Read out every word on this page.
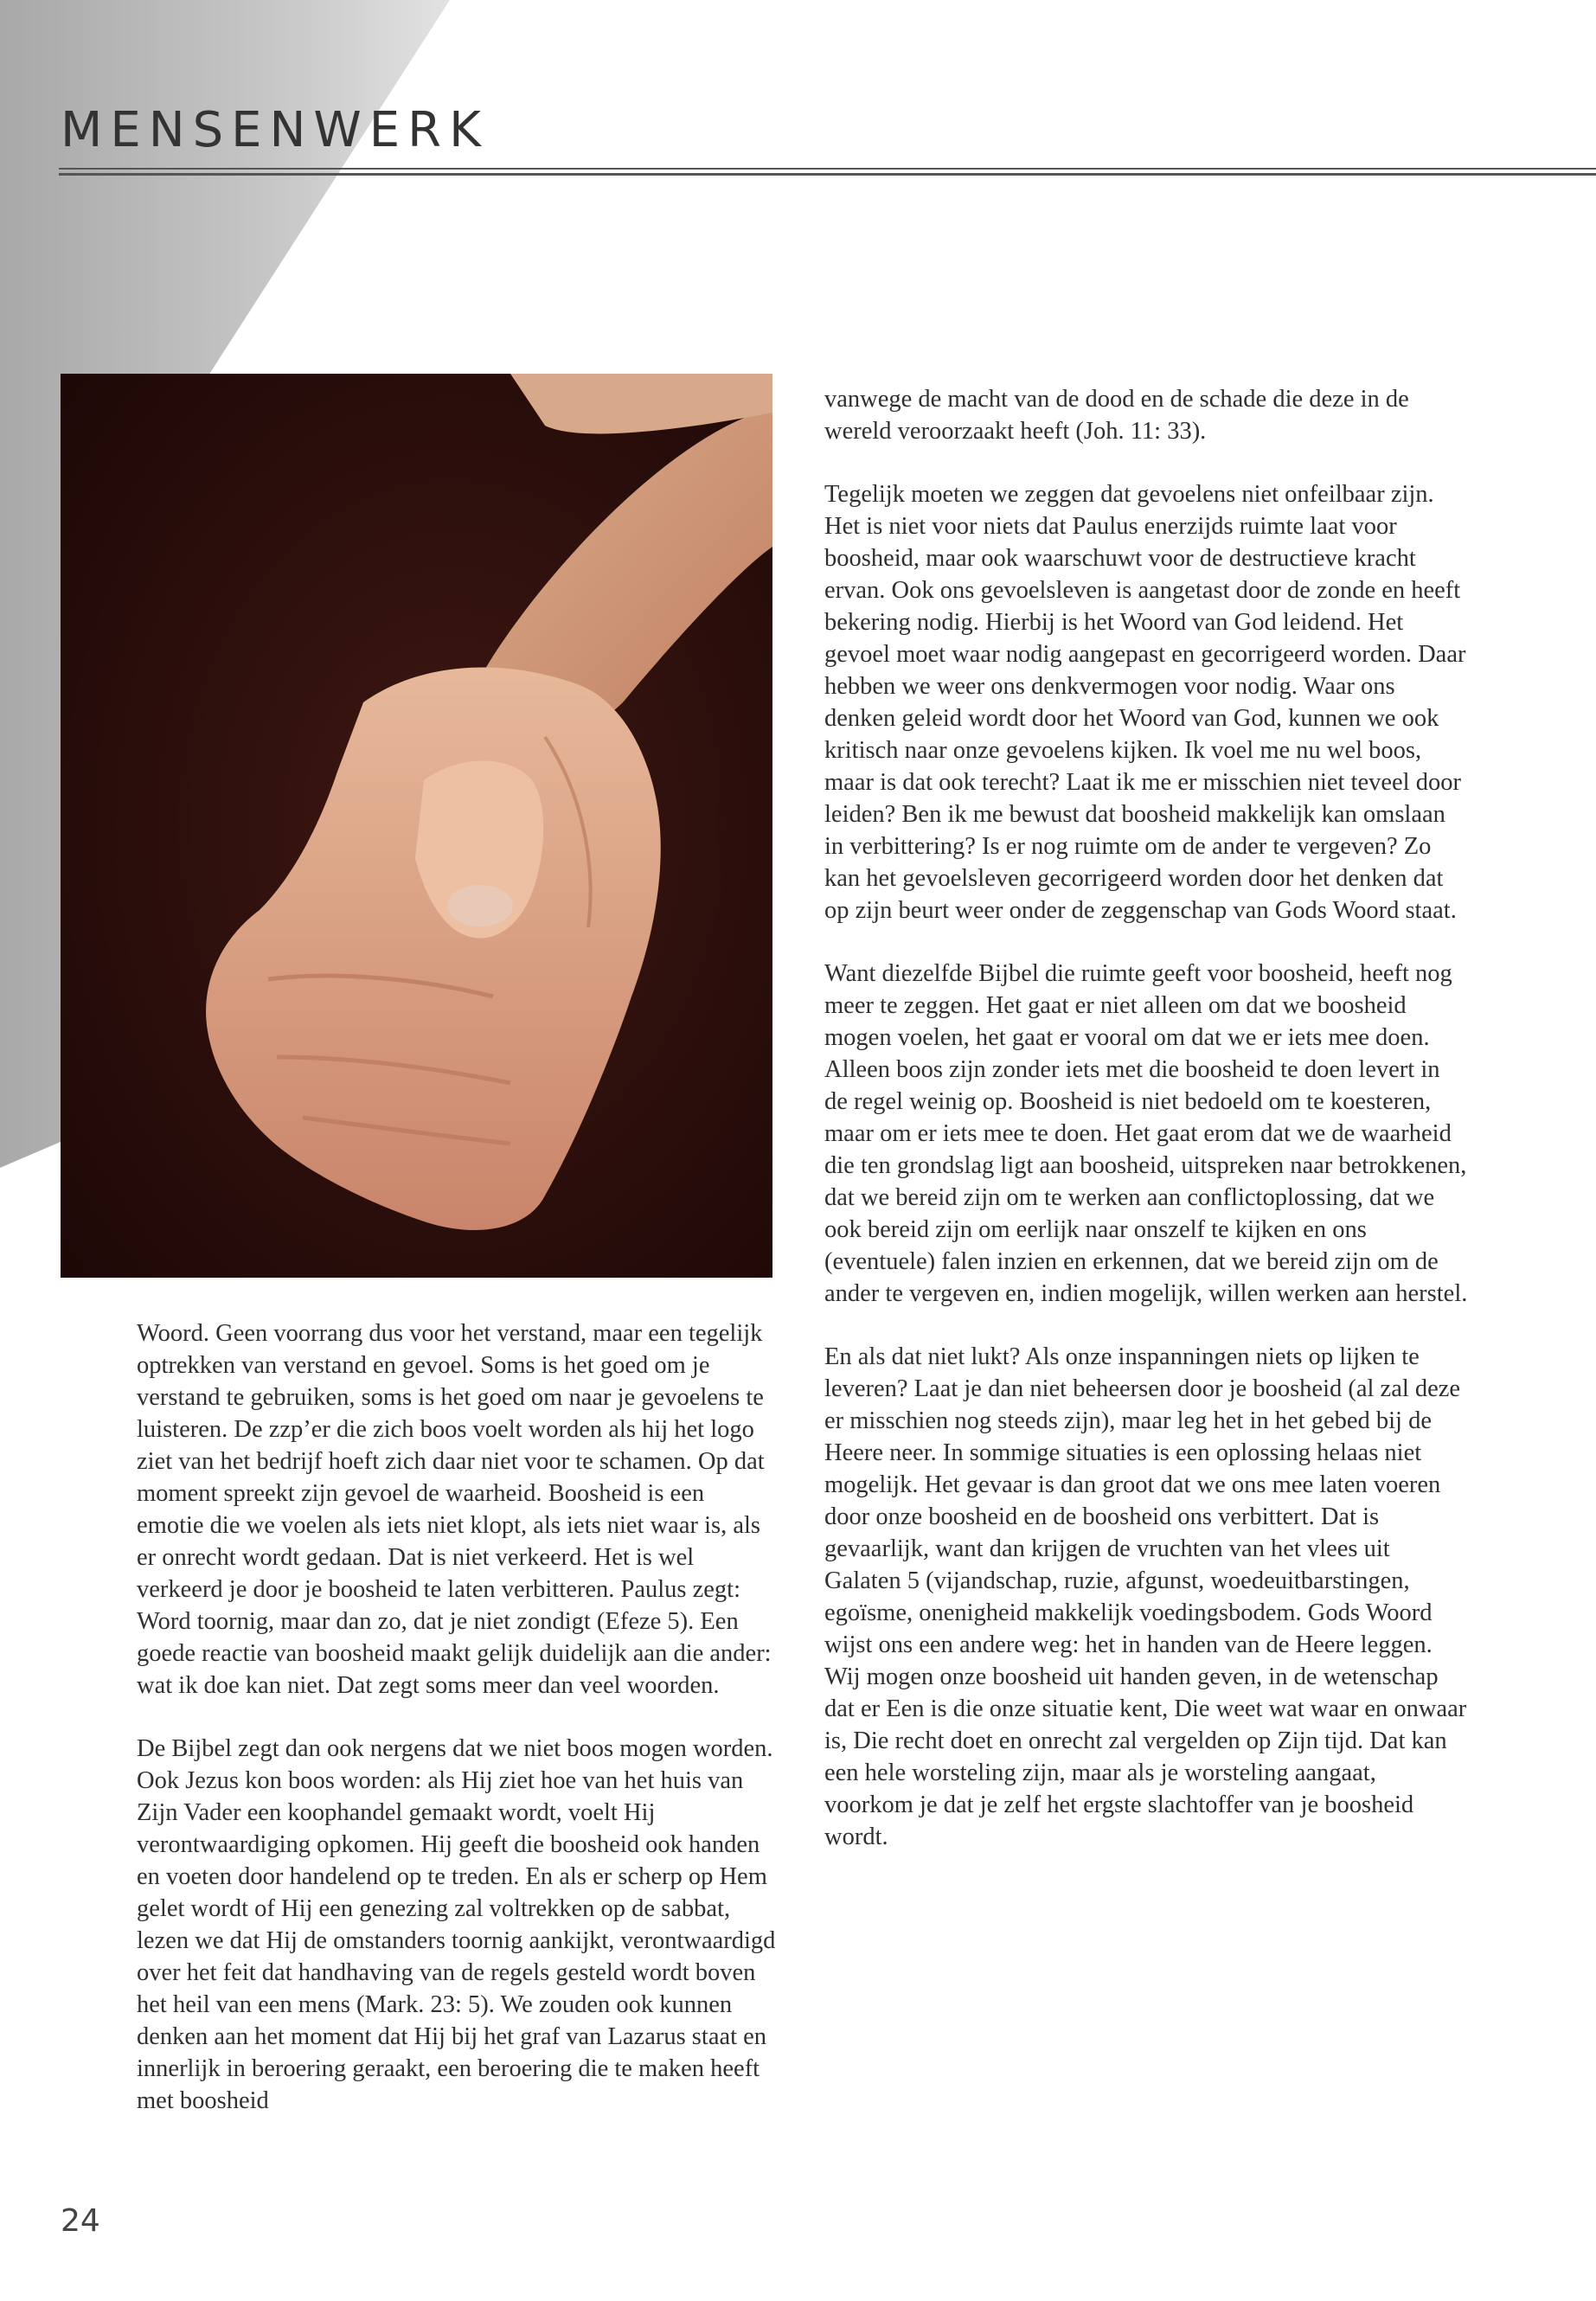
MENSENWERK

vanwege de macht van de dood en de schade die deze in de wereld veroorzaakt heeft (Joh. 11: 33).

Tegelijk moeten we zeggen dat gevoelens niet onfeilbaar zijn. Het is niet voor niets dat Paulus enerzijds ruimte laat voor boosheid, maar ook waarschuwt voor de destructieve kracht ervan. Ook ons gevoelsleven is aangetast door de zonde en heeft bekering nodig. Hierbij is het Woord van God leidend. Het gevoel moet waar nodig aangepast en gecorrigeerd worden. Daar hebben we weer ons denkvermogen voor nodig. Waar ons denken geleid wordt door het Woord van God, kunnen we ook kritisch naar onze gevoelens kijken. Ik voel me nu wel boos, maar is dat ook terecht? Laat ik me er misschien niet teveel door leiden? Ben ik me bewust dat boosheid makkelijk kan omslaan in verbittering? Is er nog ruimte om de ander te vergeven? Zo kan het gevoelsleven gecorrigeerd worden door het denken dat op zijn beurt weer onder de zeggenschap van Gods Woord staat.

Want diezelfde Bijbel die ruimte geeft voor boosheid, heeft nog meer te zeggen. Het gaat er niet alleen om dat we boosheid mogen voelen, het gaat er vooral om dat we er iets mee doen. Alleen boos zijn zonder iets met die boosheid te doen levert in de regel weinig op. Boosheid is niet bedoeld om te koesteren, maar om er iets mee te doen. Het gaat erom dat we de waarheid die ten grondslag ligt aan boosheid, uitspreken naar betrokkenen, dat we bereid zijn om te werken aan conflictoplossing, dat we ook bereid zijn om eerlijk naar onszelf te kijken en ons (eventuele) falen inzien en erkennen, dat we bereid zijn om de ander te vergeven en, indien mogelijk, willen werken aan herstel.

En als dat niet lukt? Als onze inspanningen niets op lijken te leveren? Laat je dan niet beheersen door je boosheid (al zal deze er misschien nog steeds zijn), maar leg het in het gebed bij de Heere neer. In sommige situaties is een oplossing helaas niet mogelijk. Het gevaar is dan groot dat we ons mee laten voeren door onze boosheid en de boosheid ons verbittert. Dat is gevaarlijk, want dan krijgen de vruchten van het vlees uit Galaten 5 (vijandschap, ruzie, afgunst, woedeuitbarstingen, egoïsme, onenigheid makkelijk voedingsbodem. Gods Woord wijst ons een andere weg: het in handen van de Heere leggen. Wij mogen onze boosheid uit handen geven, in de wetenschap dat er Een is die onze situatie kent, Die weet wat waar en onwaar is, Die recht doet en onrecht zal vergelden op Zijn tijd. Dat kan een hele worsteling zijn, maar als je worsteling aangaat, voorkom je dat je zelf het ergste slachtoffer van je boosheid wordt.

Woord. Geen voorrang dus voor het verstand, maar een tegelijk optrekken van verstand en gevoel. Soms is het goed om je verstand te gebruiken, soms is het goed om naar je gevoelens te luisteren. De zzp’er die zich boos voelt worden als hij het logo ziet van het bedrijf hoeft zich daar niet voor te schamen. Op dat moment spreekt zijn gevoel de waarheid. Boosheid is een emotie die we voelen als iets niet klopt, als iets niet waar is, als er onrecht wordt gedaan. Dat is niet verkeerd. Het is wel verkeerd je door je boosheid te laten verbitteren. Paulus zegt: Word toornig, maar dan zo, dat je niet zondigt (Efeze 5). Een goede reactie van boosheid maakt gelijk duidelijk aan die ander: wat ik doe kan niet. Dat zegt soms meer dan veel woorden.

De Bijbel zegt dan ook nergens dat we niet boos mogen worden. Ook Jezus kon boos worden: als Hij ziet hoe van het huis van Zijn Vader een koophandel gemaakt wordt, voelt Hij verontwaardiging opkomen. Hij geeft die boosheid ook handen en voeten door handelend op te treden. En als er scherp op Hem gelet wordt of Hij een genezing zal voltrekken op de sabbat, lezen we dat Hij de omstanders toornig aankijkt, verontwaardigd over het feit dat handhaving van de regels gesteld wordt boven het heil van een mens (Mark. 23: 5). We zouden ook kunnen denken aan het moment dat Hij bij het graf van Lazarus staat en innerlijk in beroering geraakt, een beroering die te maken heeft met boosheid

24
